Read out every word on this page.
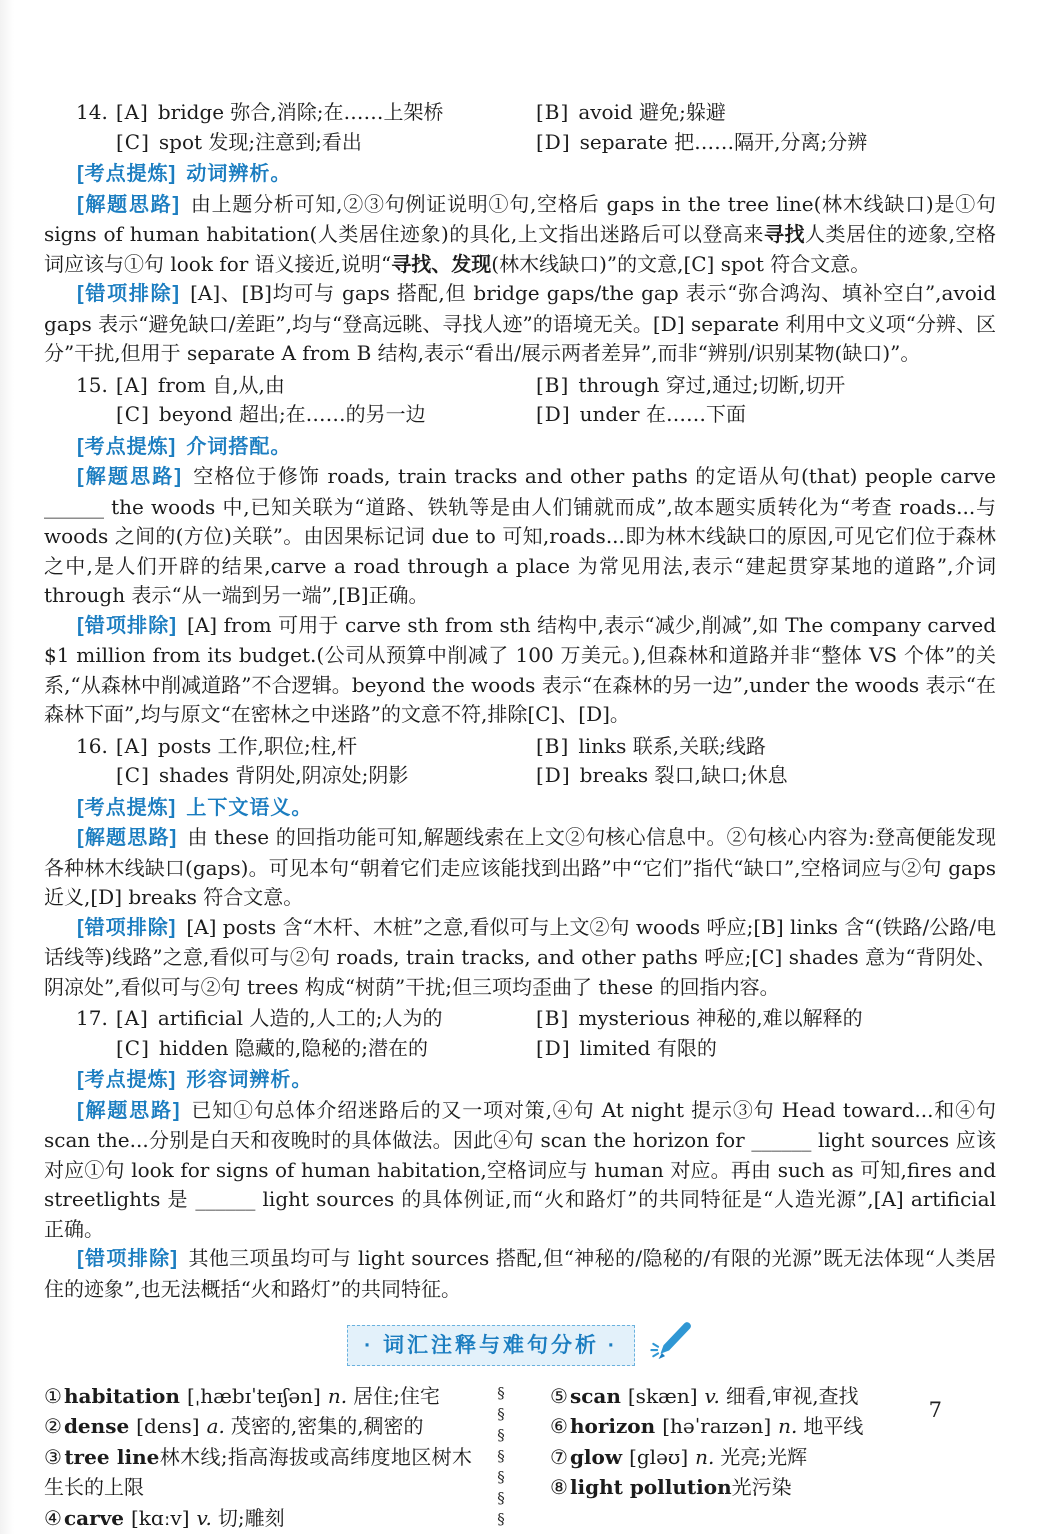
14. [A] bridge 弥合,消除;在……上架桥	[B] avoid 避免;躲避
[C] spot 发现;注意到;看出	[D] separate 把……隔开,分离;分辨

[考点提炼] 动词辨析。

[解题思路] 由上题分析可知,②③句例证说明①句,空格后 gaps in the tree line(林木线缺口)是①句 signs of human habitation(人类居住迹象)的具化,上文指出迷路后可以登高来寻找人类居住的迹象,空格词应该与①句 look for 语义接近,说明“寻找、发现(林木线缺口)”的文意,[C] spot 符合文意。

[错项排除] [A]、[B]均可与 gaps 搭配,但 bridge gaps/the gap 表示“弥合鸿沟、填补空白”,avoid gaps 表示“避免缺口/差距”,均与“登高远眺、寻找人迹”的语境无关。[D] separate 利用中文义项“分辨、区分”干扰,但用于 separate A from B 结构,表示“看出/展示两者差异”,而非“辨别/识别某物(缺口)”。

15. [A] from 自,从,由	[B] through 穿过,通过;切断,切开
[C] beyond 超出;在……的另一边	[D] under 在……下面

[考点提炼] 介词搭配。

[解题思路] 空格位于修饰 roads, train tracks and other paths 的定语从句(that) people carve ______ the woods 中,已知关联为“道路、铁轨等是由人们铺就而成”,故本题实质转化为“考查 roads...与 woods 之间的(方位)关联”。由因果标记词 due to 可知,roads...即为林木线缺口的原因,可见它们位于森林之中,是人们开辟的结果,carve a road through a place 为常见用法,表示“建起贯穿某地的道路”,介词 through 表示“从一端到另一端”,[B]正确。

[错项排除] [A] from 可用于 carve sth from sth 结构中,表示“减少,削减”,如 The company carved $1 million from its budget.(公司从预算中削减了 100 万美元。),但森林和道路并非“整体 VS 个体”的关系,“从森林中削减道路”不合逻辑。beyond the woods 表示“在森林的另一边”,under the woods 表示“在森林下面”,均与原文“在密林之中迷路”的文意不符,排除[C]、[D]。

16. [A] posts 工作,职位;柱,杆	[B] links 联系,关联;线路
[C] shades 背阴处,阴凉处;阴影	[D] breaks 裂口,缺口;休息

[考点提炼] 上下文语义。

[解题思路] 由 these 的回指功能可知,解题线索在上文②句核心信息中。②句核心内容为:登高便能发现各种林木线缺口(gaps)。可见本句“朝着它们走应该能找到出路”中“它们”指代“缺口”,空格词应与②句 gaps 近义,[D] breaks 符合文意。

[错项排除] [A] posts 含“木杆、木桩”之意,看似可与上文②句 woods 呼应;[B] links 含“(铁路/公路/电话线等)线路”之意,看似可与②句 roads, train tracks, and other paths 呼应;[C] shades 意为“背阴处、阴凉处”,看似可与②句 trees 构成“树荫”干扰;但三项均歪曲了 these 的回指内容。

17. [A] artificial 人造的,人工的;人为的	[B] mysterious 神秘的,难以解释的
[C] hidden 隐藏的,隐秘的;潜在的	[D] limited 有限的

[考点提炼] 形容词辨析。

[解题思路] 已知①句总体介绍迷路后的又一项对策,④句 At night 提示③句 Head toward...和④句 scan the...分别是白天和夜晚时的具体做法。因此④句 scan the horizon for ______ light sources 应该对应①句 look for signs of human habitation,空格词应与 human 对应。再由 such as 可知,fires and streetlights 是 ______ light sources 的具体例证,而“火和路灯”的共同特征是“人造光源”,[A] artificial 正确。

[错项排除] 其他三项虽均可与 light sources 搭配,但“神秘的/隐秘的/有限的光源”既无法体现“人类居住的迹象”,也无法概括“火和路灯”的共同特征。

· 词汇注释与难句分析 ·
① habitation [ˌhæbɪˈteɪʃən] n. 居住;住宅
② dense [dens] a. 茂密的,密集的,稠密的
③ tree line林木线;指高海拔或高纬度地区树木生长的上限
④ carve [kɑːv] v. 切;雕刻
§
§
§
§
§
§
§
⑤ scan [skæn] v. 细看,审视,查找
⑥ horizon [həˈraɪzən] n. 地平线
⑦ glow [gləʊ] n. 光亮;光辉
⑧ light pollution光污染
7
